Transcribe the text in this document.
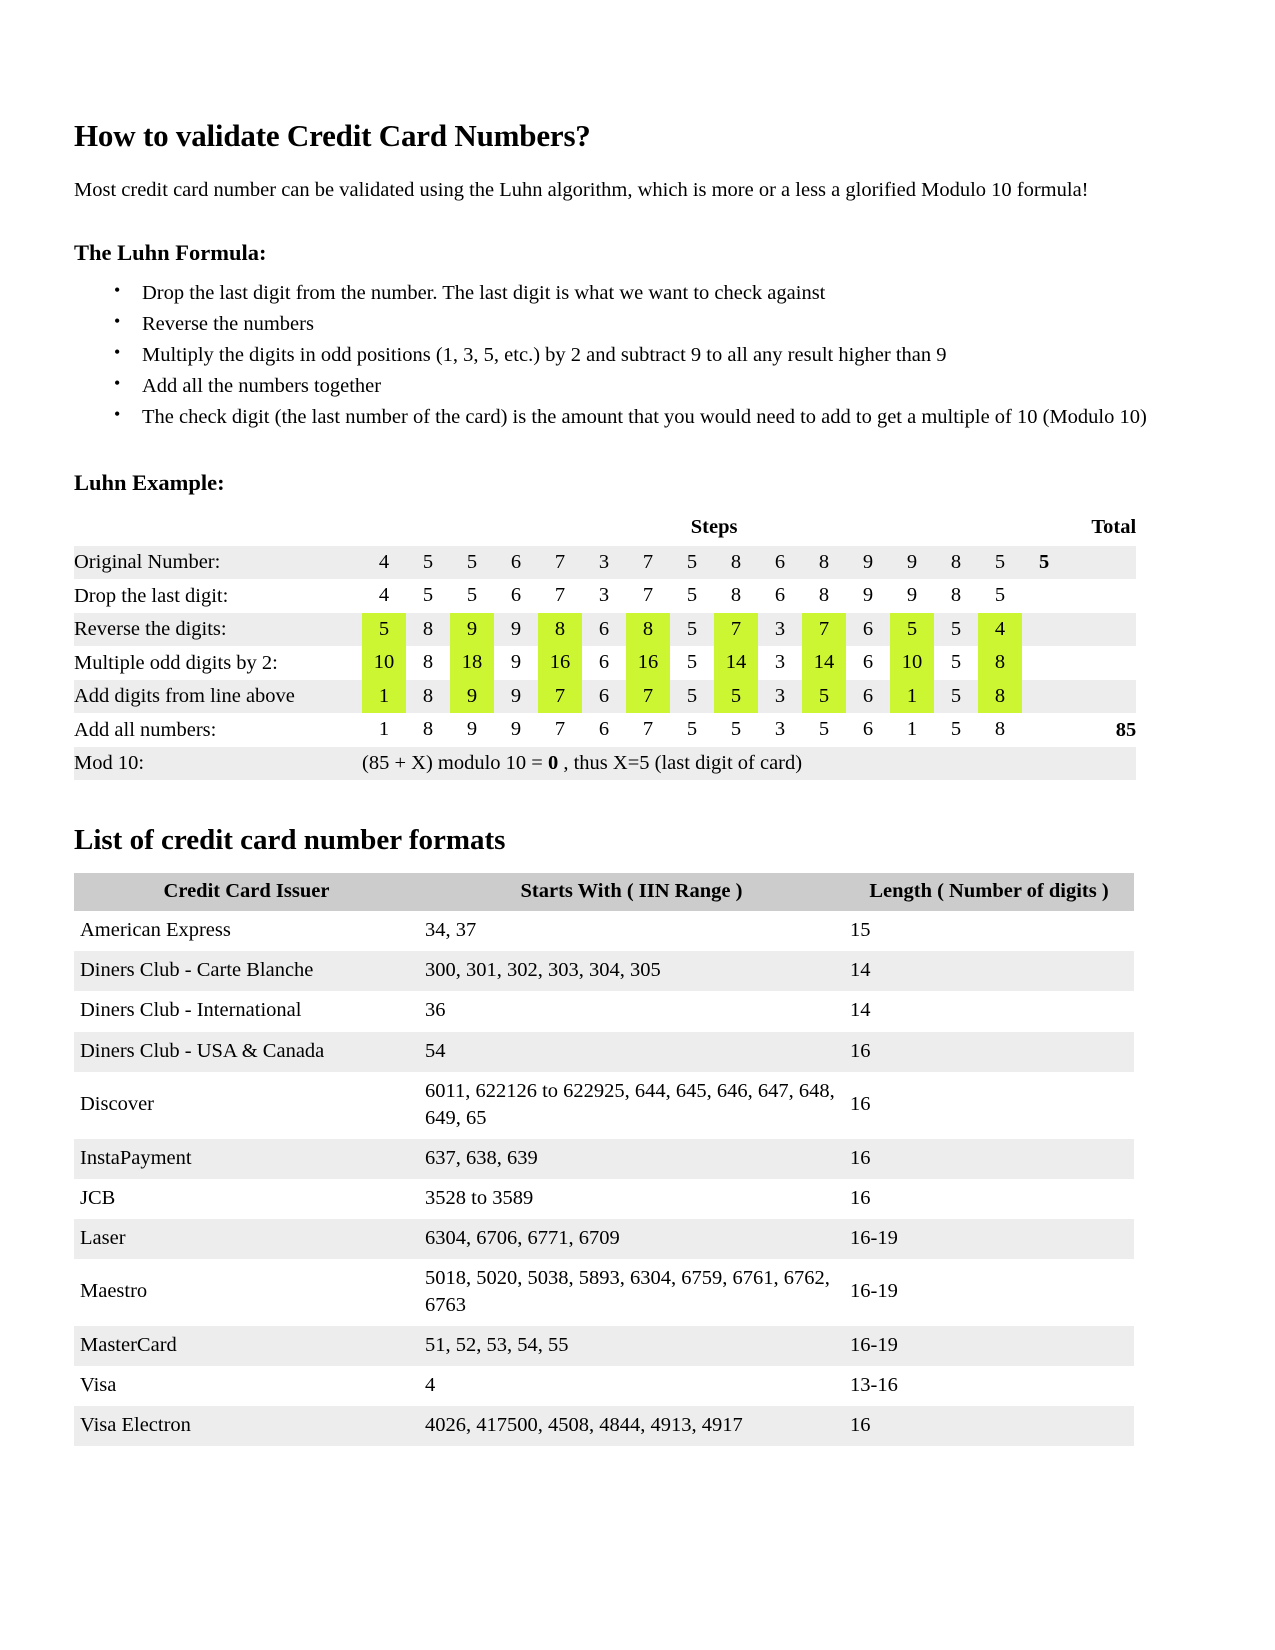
How to validate Credit Card Numbers?

Most credit card number can be validated using the Luhn algorithm, which is more or a less a glorified Modulo 10 formula!

The Luhn Formula:
• Drop the last digit from the number. The last digit is what we want to check against
• Reverse the numbers
• Multiply the digits in odd positions (1, 3, 5, etc.) by 2 and subtract 9 to all any result higher than 9
• Add all the numbers together
• The check digit (the last number of the card) is the amount that you would need to add to get a multiple of 10 (Modulo 10)
Luhn Example:
	Steps																Total
Original Number:	4	5	5	6	7	3	7	5	8	6	8	9	9	8	5	5	
Drop the last digit:	4	5	5	6	7	3	7	5	8	6	8	9	9	8	5		
Reverse the digits:	5	8	9	9	8	6	8	5	7	3	7	6	5	5	4		
Multiple odd digits by 2:	10	8	18	9	16	6	16	5	14	3	14	6	10	5	8		
Add digits from line above	1	8	9	9	7	6	7	5	5	3	5	6	1	5	8		
Add all numbers:	1	8	9	9	7	6	7	5	5	3	5	6	1	5	8		85
Mod 10:	(85 + X) modulo 10 = 0 , thus X=5 (last digit of card)																
List of credit card number formats
Credit Card Issuer	Starts With ( IIN Range )	Length ( Number of digits )
American Express	34, 37	15
Diners Club - Carte Blanche	300, 301, 302, 303, 304, 305	14
Diners Club - International	36	14
Diners Club - USA & Canada	54	16
Discover	6011, 622126 to 622925, 644, 645, 646, 647, 648, 649, 65	16
InstaPayment	637, 638, 639	16
JCB	3528 to 3589	16
Laser	6304, 6706, 6771, 6709	16-19
Maestro	5018, 5020, 5038, 5893, 6304, 6759, 6761, 6762, 6763	16-19
MasterCard	51, 52, 53, 54, 55	16-19
Visa	4	13-16
Visa Electron	4026, 417500, 4508, 4844, 4913, 4917	16
